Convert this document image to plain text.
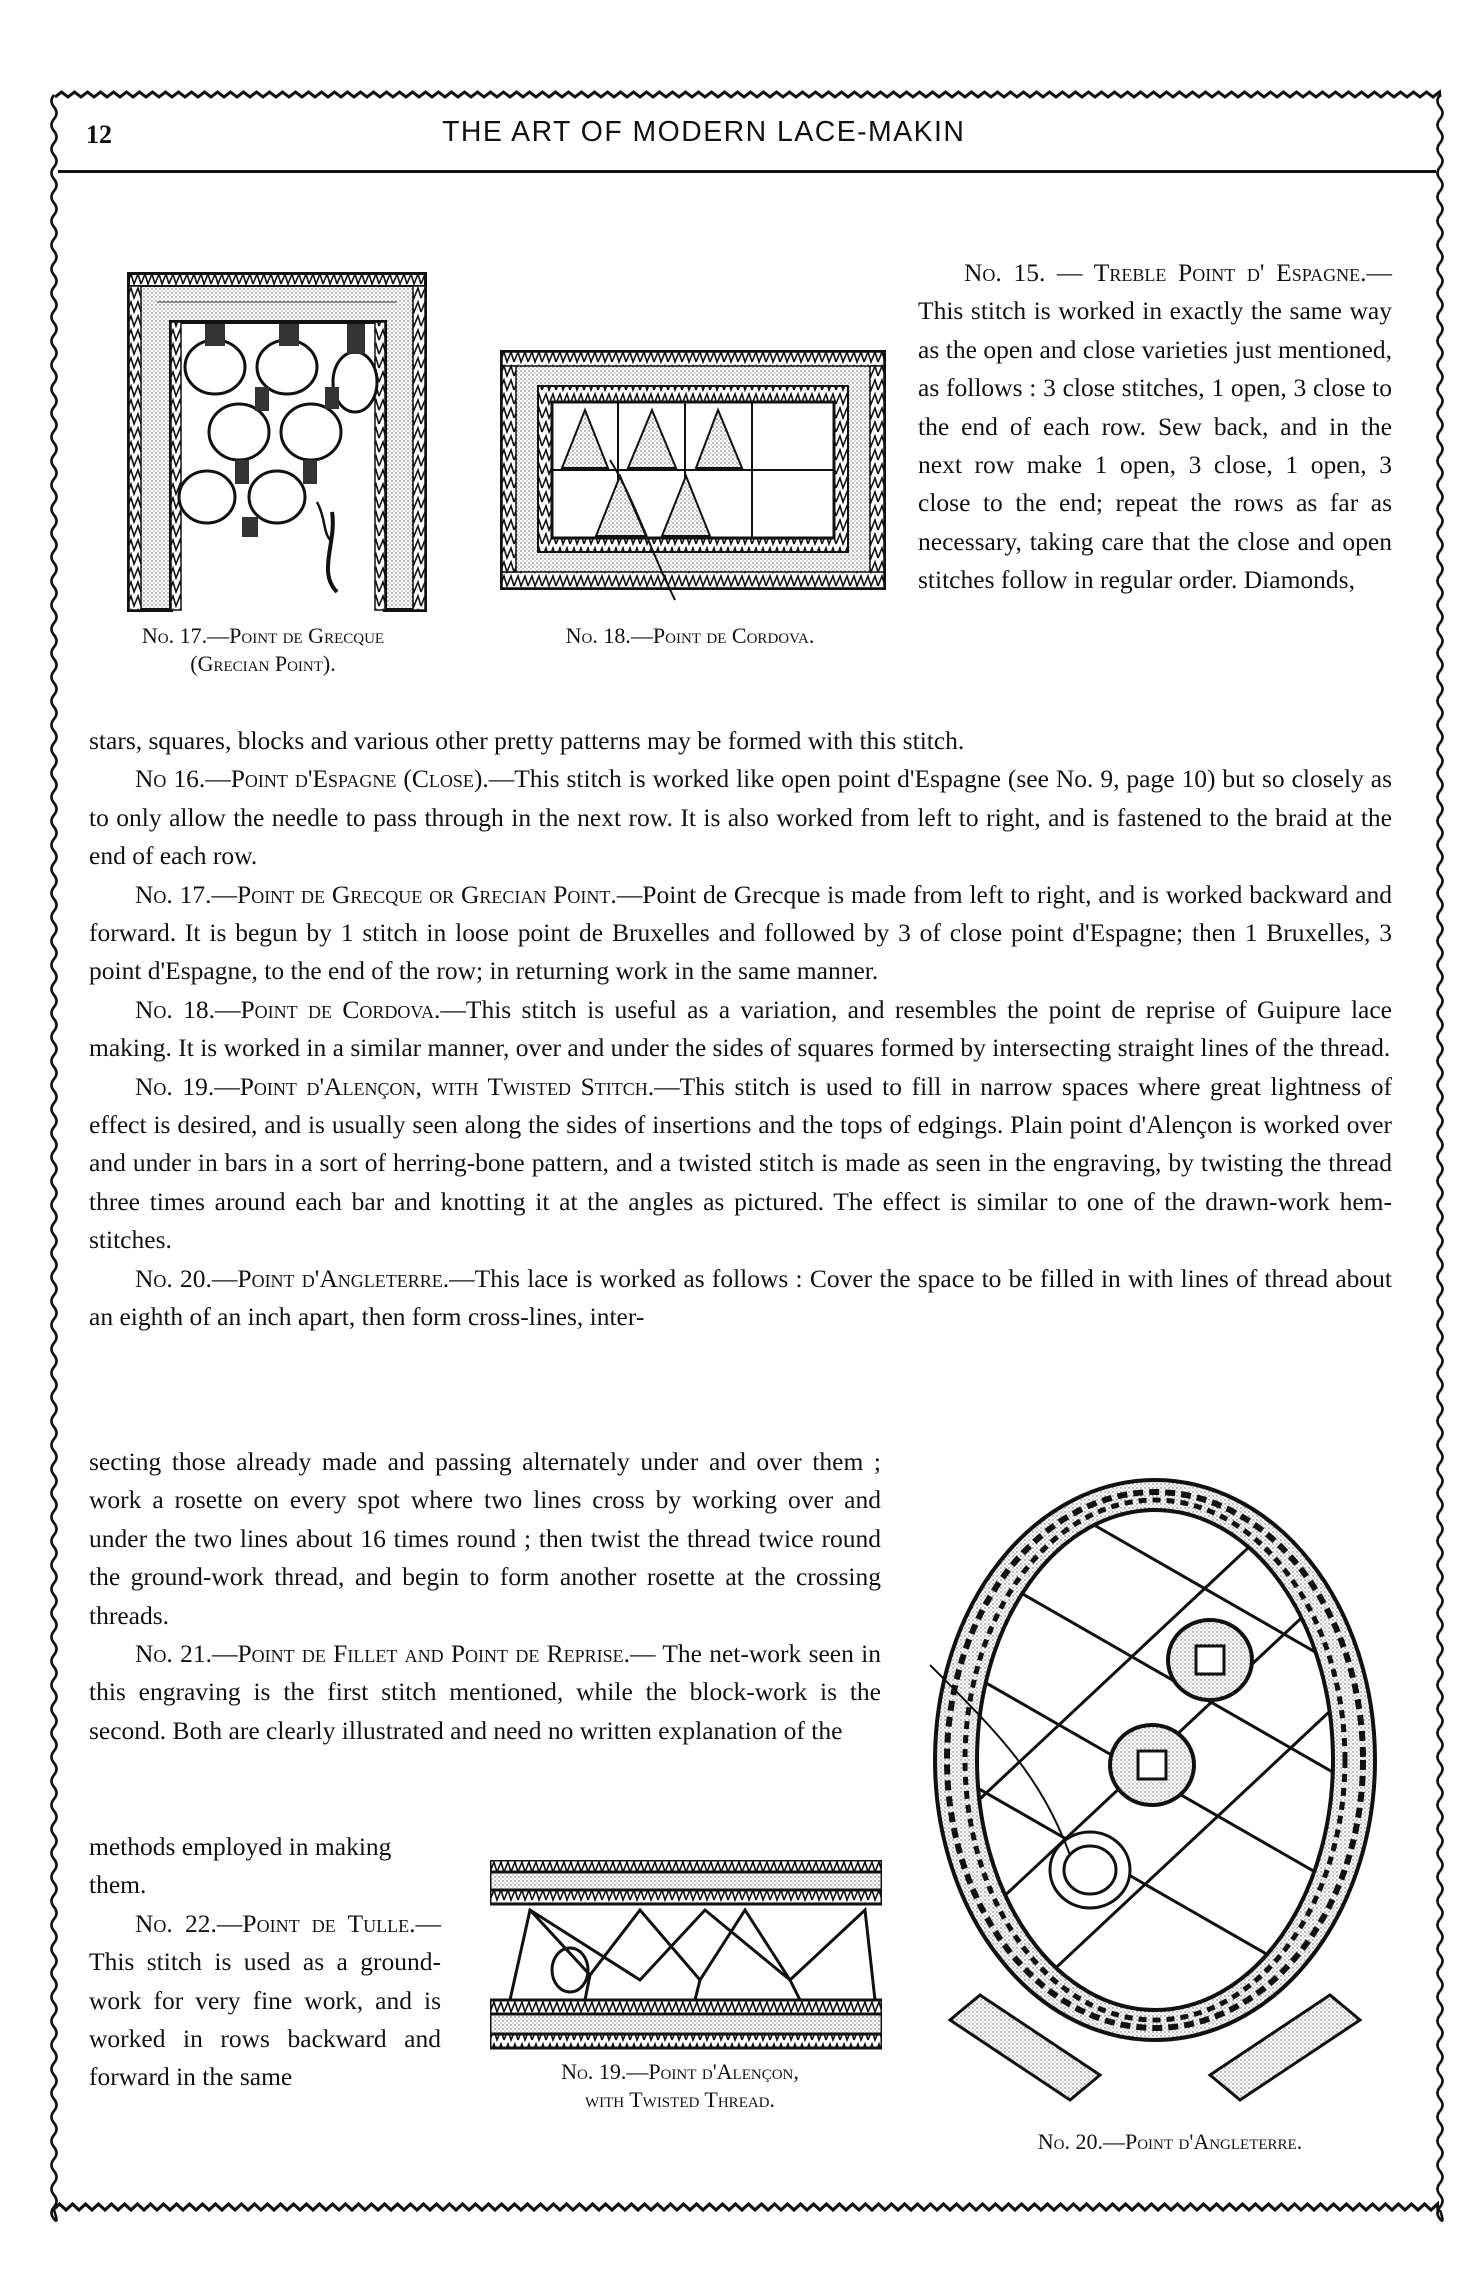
12	THE ART OF MODERN LACE-MAKIN
No. 17.—Point de Grecque
(Grecian Point).
No. 18.—Point de Cordova.

No. 15. — Treble Point d' Espagne.—This stitch is worked in exactly the same way as the open and close varieties just mentioned, as follows : 3 close stitches, 1 open, 3 close to the end of each row. Sew back, and in the next row make 1 open, 3 close, 1 open, 3 close to the end; repeat the rows as far as necessary, taking care that the close and open stitches follow in regular order. Diamonds,

stars, squares, blocks and various other pretty patterns may be formed with this stitch.

No 16.—Point d'Espagne (Close).—This stitch is worked like open point d'Espagne (see No. 9, page 10) but so closely as to only allow the needle to pass through in the next row. It is also worked from left to right, and is fastened to the braid at the end of each row.

No. 17.—Point de Grecque or Grecian Point.—Point de Grecque is made from left to right, and is worked backward and forward. It is begun by 1 stitch in loose point de Bruxelles and followed by 3 of close point d'Espagne; then 1 Bruxelles, 3 point d'Espagne, to the end of the row; in returning work in the same manner.

No. 18.—Point de Cordova.—This stitch is useful as a variation, and resembles the point de reprise of Guipure lace making. It is worked in a similar manner, over and under the sides of squares formed by intersecting straight lines of the thread.

No. 19.—Point d'Alençon, with Twisted Stitch.—This stitch is used to fill in narrow spaces where great lightness of effect is desired, and is usually seen along the sides of insertions and the tops of edgings. Plain point d'Alençon is worked over and under in bars in a sort of herring-bone pattern, and a twisted stitch is made as seen in the engraving, by twisting the thread three times around each bar and knotting it at the angles as pictured. The effect is similar to one of the drawn-work hem-stitches.

No. 20.—Point d'Angleterre.—This lace is worked as follows : Cover the space to be filled in with lines of thread about an eighth of an inch apart, then form cross-lines, inter-

secting those already made and passing alternately under and over them ; work a rosette on every spot where two lines cross by working over and under the two lines about 16 times round ; then twist the thread twice round the ground-work thread, and begin to form another rosette at the crossing threads.

No. 21.—Point de Fillet and Point de Reprise.— The net-work seen in this engraving is the first stitch mentioned, while the block-work is the second. Both are clearly illustrated and need no written explanation of the

methods employed in making them.

No. 22.—Point de Tulle.—This stitch is used as a ground-work for very fine work, and is worked in rows backward and forward in the same	No. 19.—Point d'Alençon,
with Twisted Thread.
No. 20.—Point d'Angleterre.
